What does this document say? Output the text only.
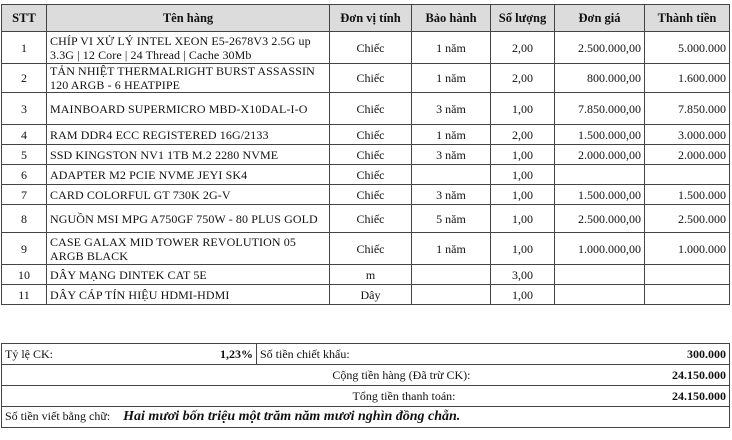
STT	Tên hàng	Đơn vị tính	Bảo hành	Số lượng	Đơn giá	Thành tiền
1	CHÍP VI XỬ LÝ INTEL XEON E5-2678V3 2.5G up 3.3G | 12 Core | 24 Thread | Cache 30Mb	Chiếc	1 năm	2,00	2.500.000,00	5.000.000
2	TẢN NHIỆT THERMALRIGHT BURST ASSASSIN 120 ARGB - 6 HEATPIPE	Chiếc	1 năm	2,00	800.000,00	1.600.000
3	MAINBOARD SUPERMICRO MBD-X10DAL-I-O	Chiếc	3 năm	1,00	7.850.000,00	7.850.000
4	RAM DDR4 ECC REGISTERED 16G/2133	Chiếc	1 năm	2,00	1.500.000,00	3.000.000
5	SSD KINGSTON NV1 1TB M.2 2280 NVME	Chiếc	3 năm	1,00	2.000.000,00	2.000.000
6	ADAPTER M2 PCIE NVME JEYI SK4	Chiếc		1,00		
7	CARD COLORFUL GT 730K 2G-V	Chiếc	3 năm	1,00	1.500.000,00	1.500.000
8	NGUỒN MSI MPG A750GF 750W - 80 PLUS GOLD	Chiếc	5 năm	1,00	2.500.000,00	2.500.000
9	CASE GALAX MID TOWER REVOLUTION 05 ARGB BLACK	Chiếc	1 năm	1,00	1.000.000,00	1.000.000
10	DÂY MẠNG DINTEK CAT 5E	m		3,00		
11	DÂY CÁP TÍN HIỆU HDMI-HDMI	Dây		1,00		
Tỷ lệ CK: 1,23%	Số tiền chiết khấu:	300.000
Cộng tiền hàng (Đã trừ CK):		24.150.000
Tổng tiền thanh toán:		24.150.000
Số tiền viết bằng chữ: Hai mươi bốn triệu một trăm năm mươi nghìn đồng chẵn.		
